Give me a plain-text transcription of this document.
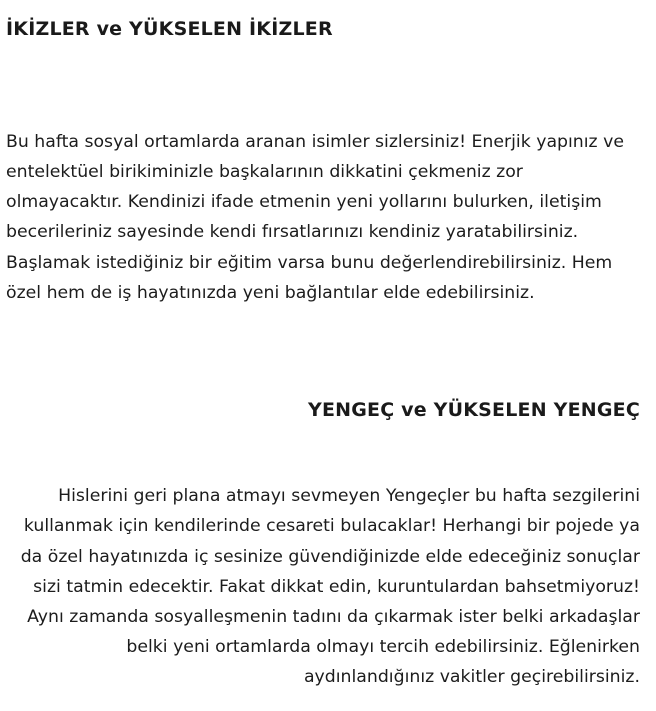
İKİZLER ve YÜKSELEN İKİZLER
Bu hafta sosyal ortamlarda aranan isimler sizlersiniz! Enerjik yapınız ve
entelektüel birikiminizle başkalarının dikkatini çekmeniz zor
olmayacaktır. Kendinizi ifade etmenin yeni yollarını bulurken, iletişim
becerileriniz sayesinde kendi fırsatlarınızı kendiniz yaratabilirsiniz.
Başlamak istediğiniz bir eğitim varsa bunu değerlendirebilirsiniz. Hem
özel hem de iş hayatınızda yeni bağlantılar elde edebilirsiniz.
YENGEÇ ve YÜKSELEN YENGEÇ
Hislerini geri plana atmayı sevmeyen Yengeçler bu hafta sezgilerini
kullanmak için kendilerinde cesareti bulacaklar! Herhangi bir pojede ya
da özel hayatınızda iç sesinize güvendiğinizde elde edeceğiniz sonuçlar
sizi tatmin edecektir. Fakat dikkat edin, kuruntulardan bahsetmiyoruz!
Aynı zamanda sosyalleşmenin tadını da çıkarmak ister belki arkadaşlar
belki yeni ortamlarda olmayı tercih edebilirsiniz. Eğlenirken
aydınlandığınız vakitler geçirebilirsiniz.
